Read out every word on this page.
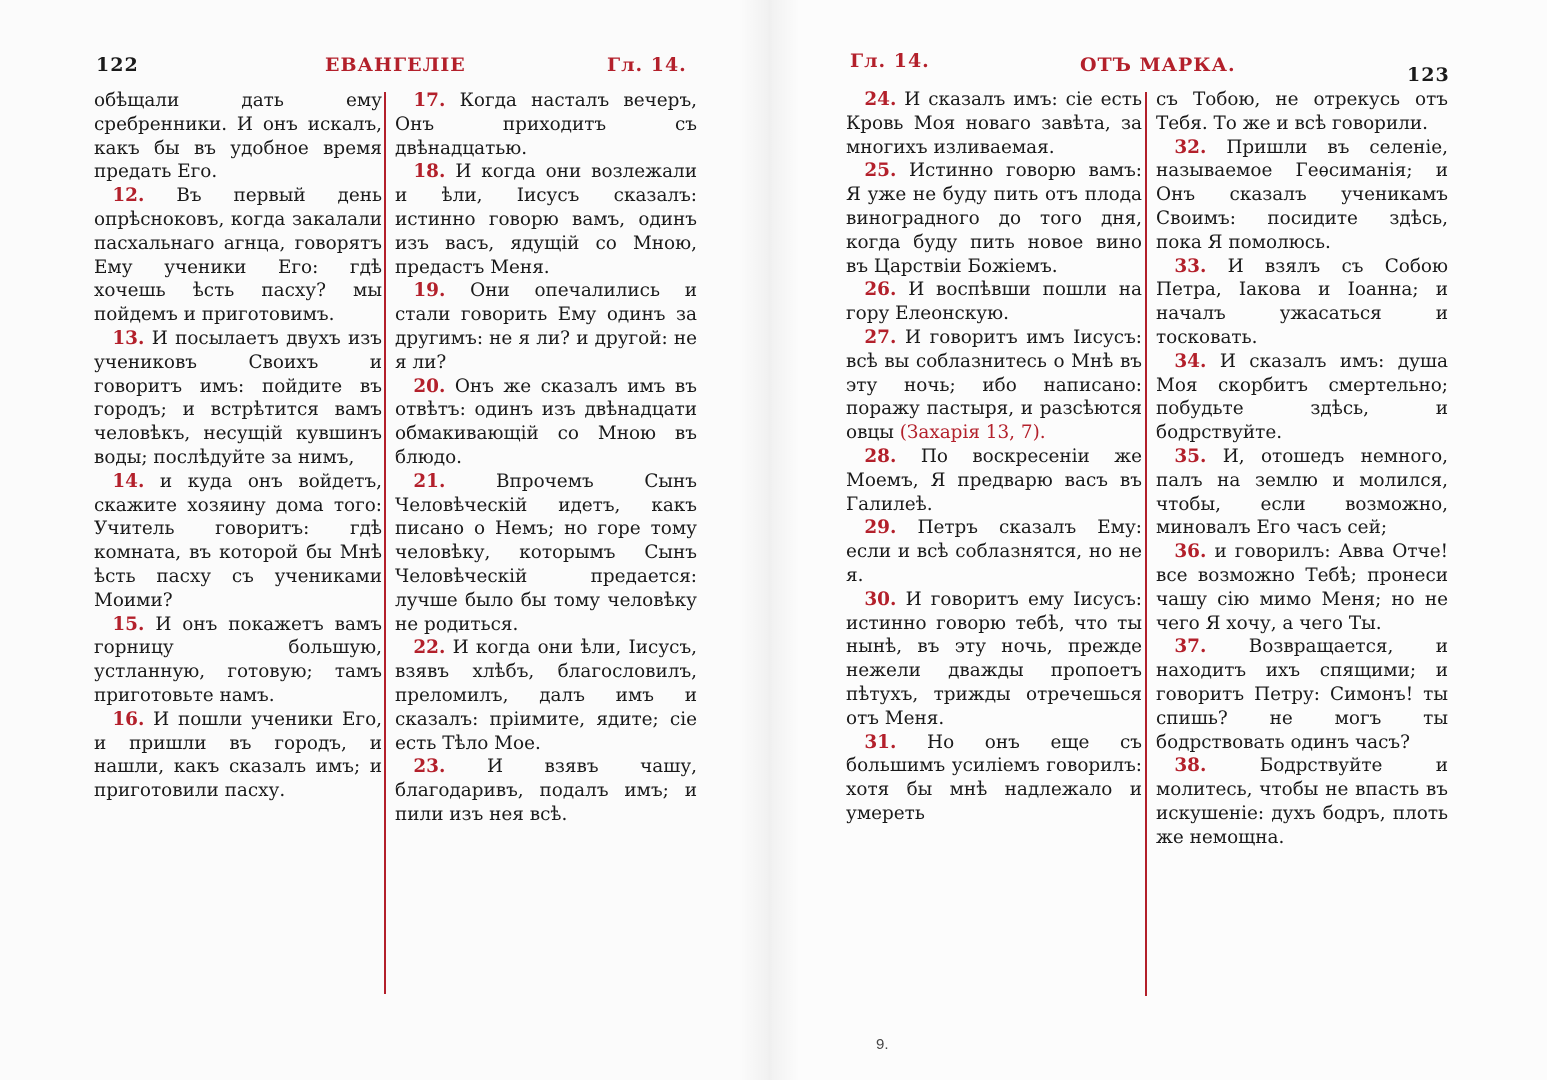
122	ЕВАНГЕЛІЕ	Гл. 14.

обѣщали дать ему сребренники. И онъ искалъ, какъ бы въ удобное время предать Его.

 12. Въ первый день опрѣсноковъ, когда закалали пасхальнаго агнца, говорятъ Ему ученики Его: гдѣ хочешь ѣсть пасху? мы пойдемъ и приготовимъ.

 13. И посылаетъ двухъ изъ учениковъ Своихъ и говоритъ имъ: пойдите въ городъ; и встрѣтится вамъ человѣкъ, несущій кувшинъ воды; послѣдуйте за нимъ,

 14. и куда онъ войдетъ, скажите хозяину дома того: Учитель говоритъ: гдѣ комната, въ которой бы Мнѣ ѣсть пасху съ учениками Моими?

 15. И онъ покажетъ вамъ горницу большую, устланную, готовую; тамъ приготовьте намъ.

 16. И пошли ученики Его, и пришли въ городъ, и нашли, какъ сказалъ имъ; и приготовили пасху.

 17. Когда насталъ вечеръ, Онъ приходитъ съ двѣнадцатью.

 18. И когда они возлежали и ѣли, Іисусъ сказалъ: истинно говорю вамъ, одинъ изъ васъ, ядущій со Мною, предастъ Меня.

 19. Они опечалились и стали говорить Ему одинъ за другимъ: не я ли? и другой: не я ли?

 20. Онъ же сказалъ имъ въ отвѣтъ: одинъ изъ двѣнадцати обмакивающій со Мною въ блюдо.

 21.	Впрочемъ Сынъ Человѣческій идетъ, какъ писано о Немъ; но горе тому человѣку, которымъ Сынъ Человѣческій предается: лучше было бы тому человѣку не родиться.

 22. И когда они ѣли, Іисусъ, взявъ хлѣбъ, благословилъ, преломилъ, далъ имъ и сказалъ: пріимите, ядите; сіе есть Тѣло Мое.

 23. И взявъ чашу, благодаривъ, подалъ имъ; и пили изъ нея всѣ.

Гл. 14.	ОТЪ МАРКА.	123

 24. И сказалъ имъ: сіе есть Кровь Моя новаго завѣта, за многихъ изливаемая.

 25. Истинно говорю вамъ: Я уже не буду пить отъ плода виноградного до того дня, когда буду пить новое вино въ Царствіи Божіемъ.

 26. И воспѣвши пошли на гору Елеонскую.

 27. И говоритъ имъ Іисусъ: всѣ вы соблазнитесь о Мнѣ въ эту ночь; ибо написано: поражу пастыря, и разсѣются овцы (Захарія 13, 7).

 28. По воскресеніи же Моемъ, Я предварю васъ въ Галилеѣ.

 29. Петръ сказалъ Ему: если и всѣ соблазнятся, но не я.

 30. И говоритъ ему Іисусъ: истинно говорю тебѣ, что ты нынѣ, въ эту ночь, прежде нежели дважды пропоетъ пѣтухъ, трижды отречешься отъ Меня.

 31. Но онъ еще съ большимъ усиліемъ говорилъ: хотя бы мнѣ надлежало и умереть

съ Тобою, не отрекусь отъ Тебя. То же и всѣ говорили.

 32. Пришли въ селеніе, называемое Геѳсиманія; и Онъ сказалъ ученикамъ Своимъ: посидите здѣсь, пока Я помолюсь.

 33. И взялъ съ Собою Петра, Іакова и Іоанна; и началъ ужасаться и тосковать.

 34. И сказалъ имъ: душа Моя скорбитъ смертельно; побудьте здѣсь, и бодрствуйте.

 35. И, отошедъ немного, палъ на землю и молился, чтобы, если возможно, миновалъ Его часъ сей;

 36. и говорилъ: Авва Отче! все возможно Тебѣ; пронеси чашу сію мимо Меня; но не чего Я хочу, а чего Ты.

 37. Возвращается, и находитъ ихъ спящими; и говоритъ Петру: Симонъ! ты спишь? не могъ ты бодрствовать одинъ часъ?

 38.	Бодрствуйте и молитесь, чтобы не впасть въ искушеніе: духъ бодръ, плоть же немощна.

9.
